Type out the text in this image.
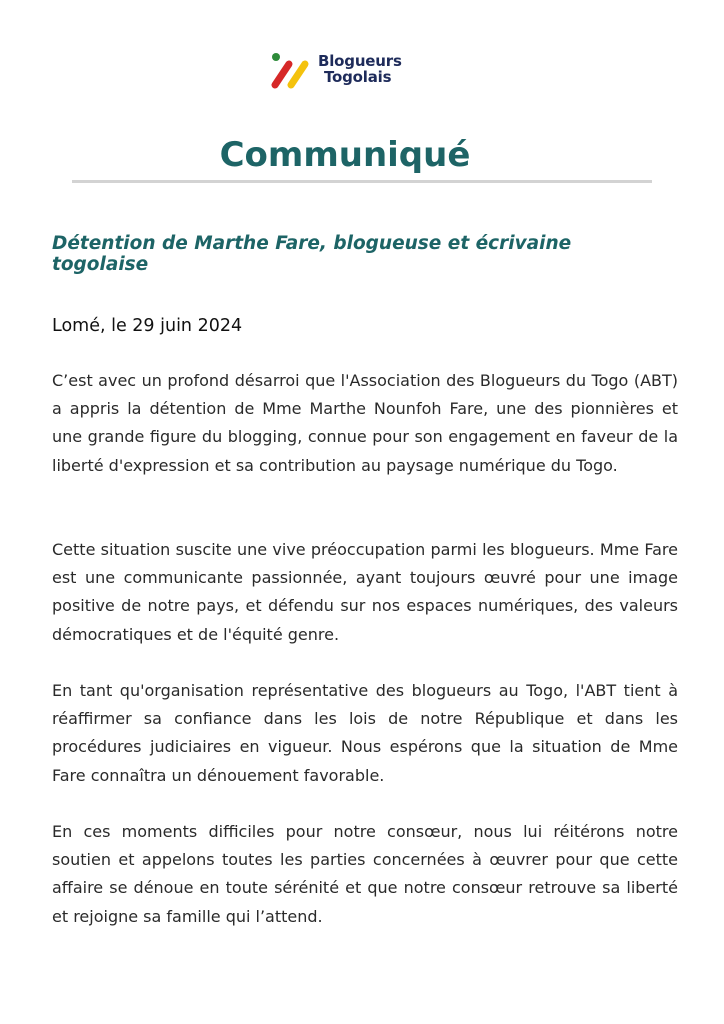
Blogueurs
Togolais
Communiqué
Détention de Marthe Fare, blogueuse et écrivaine togolaise

Lomé, le 29 juin 2024

C’est avec un profond désarroi que l'Association des Blogueurs du Togo (ABT) a appris la détention de Mme Marthe Nounfoh Fare, une des pionnières et une grande figure du blogging, connue pour son engagement en faveur de la liberté d'expression et sa contribution au paysage numérique du Togo.

Cette situation suscite une vive préoccupation parmi les blogueurs. Mme Fare est une communicante passionnée, ayant toujours œuvré pour une image positive de notre pays, et défendu sur nos espaces numériques, des valeurs démocratiques et de l'équité genre.

En tant qu'organisation représentative des blogueurs au Togo, l'ABT tient à réaffirmer sa confiance dans les lois de notre République et dans les procédures judiciaires en vigueur. Nous espérons que la situation de Mme Fare connaîtra un dénouement favorable.

En ces moments difficiles pour notre consœur, nous lui réitérons notre soutien et appelons toutes les parties concernées à œuvrer pour que cette affaire se dénoue en toute sérénité et que notre consœur retrouve sa liberté et rejoigne sa famille qui l’attend.
